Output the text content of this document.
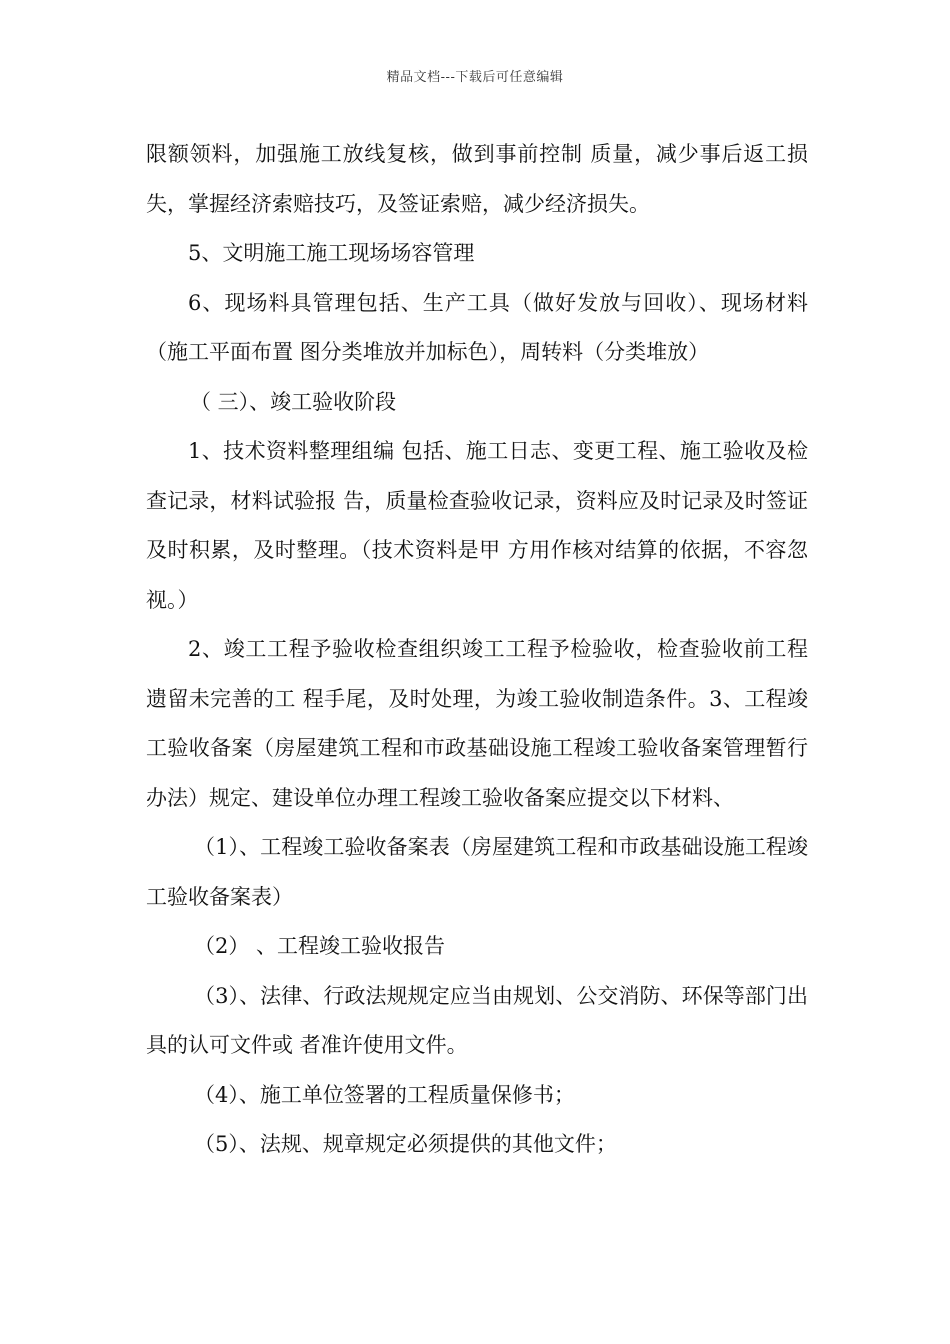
精品文档---下载后可任意编辑

限额领料，加强施工放线复核，做到事前控制 质量，减少事后返工损失，掌握经济索赔技巧，及签证索赔，减少经济损失。

5、文明施工施工现场场容管理

6、现场料具管理包括、生产工具（做好发放与回收）、现场材料（施工平面布置 图分类堆放并加标色），周转料（分类堆放）

（ 三）、竣工验收阶段

1、技术资料整理组编 包括、施工日志、变更工程、施工验收及检查记录，材料试验报 告，质量检查验收记录，资料应及时记录及时签证及时积累，及时整理。（技术资料是甲 方用作核对结算的依据，不容忽视。）

2、竣工工程予验收检查组织竣工工程予检验收，检查验收前工程遗留未完善的工 程手尾，及时处理，为竣工验收制造条件。3、工程竣工验收备案（房屋建筑工程和市政基础设施工程竣工验收备案管理暂行 办法）规定、建设单位办理工程竣工验收备案应提交以下材料、

（1）、工程竣工验收备案表（房屋建筑工程和市政基础设施工程竣工验收备案表）

（2） 、工程竣工验收报告

（3）、法律、行政法规规定应当由规划、公交消防、环保等部门出具的认可文件或 者准许使用文件。

（4）、施工单位签署的工程质量保修书；

（5）、法规、规章规定必须提供的其他文件；
